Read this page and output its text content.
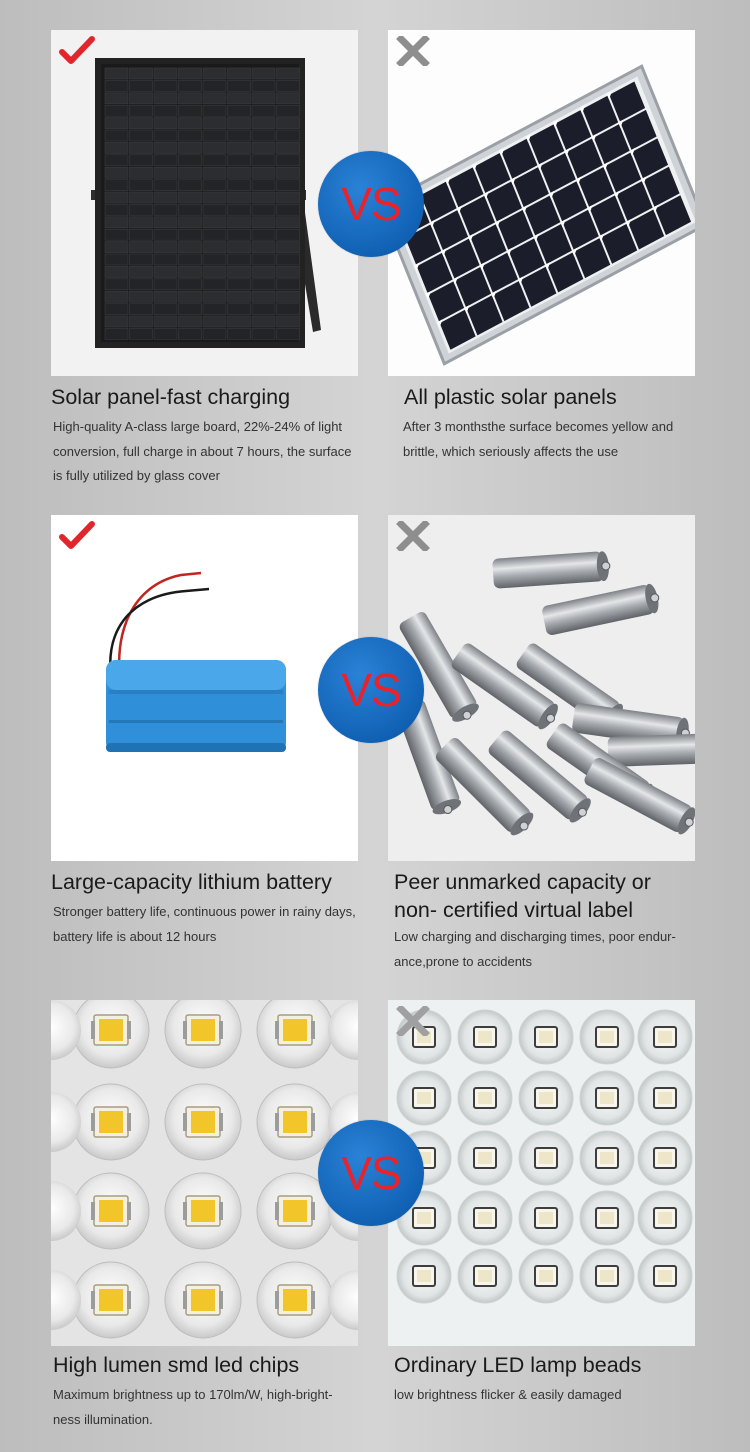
VS
Solar panel-fast charging
High-quality A-class large board, 22%-24% of light
conversion, full charge in about 7 hours, the surface
is fully utilized by glass cover
All plastic solar panels
After 3 monthsthe surface becomes yellow and
brittle, which seriously affects the use
VS
Large-capacity lithium battery
Stronger battery life, continuous power in rainy days,
battery life is about 12 hours
Peer unmarked capacity or
non- certified virtual label
Low charging and discharging times, poor endur-
ance,prone to accidents
VS
High lumen smd led chips
Maximum brightness up to 170lm/W, high-bright-
ness illumination.
Ordinary LED lamp beads
low brightness flicker & easily damaged
